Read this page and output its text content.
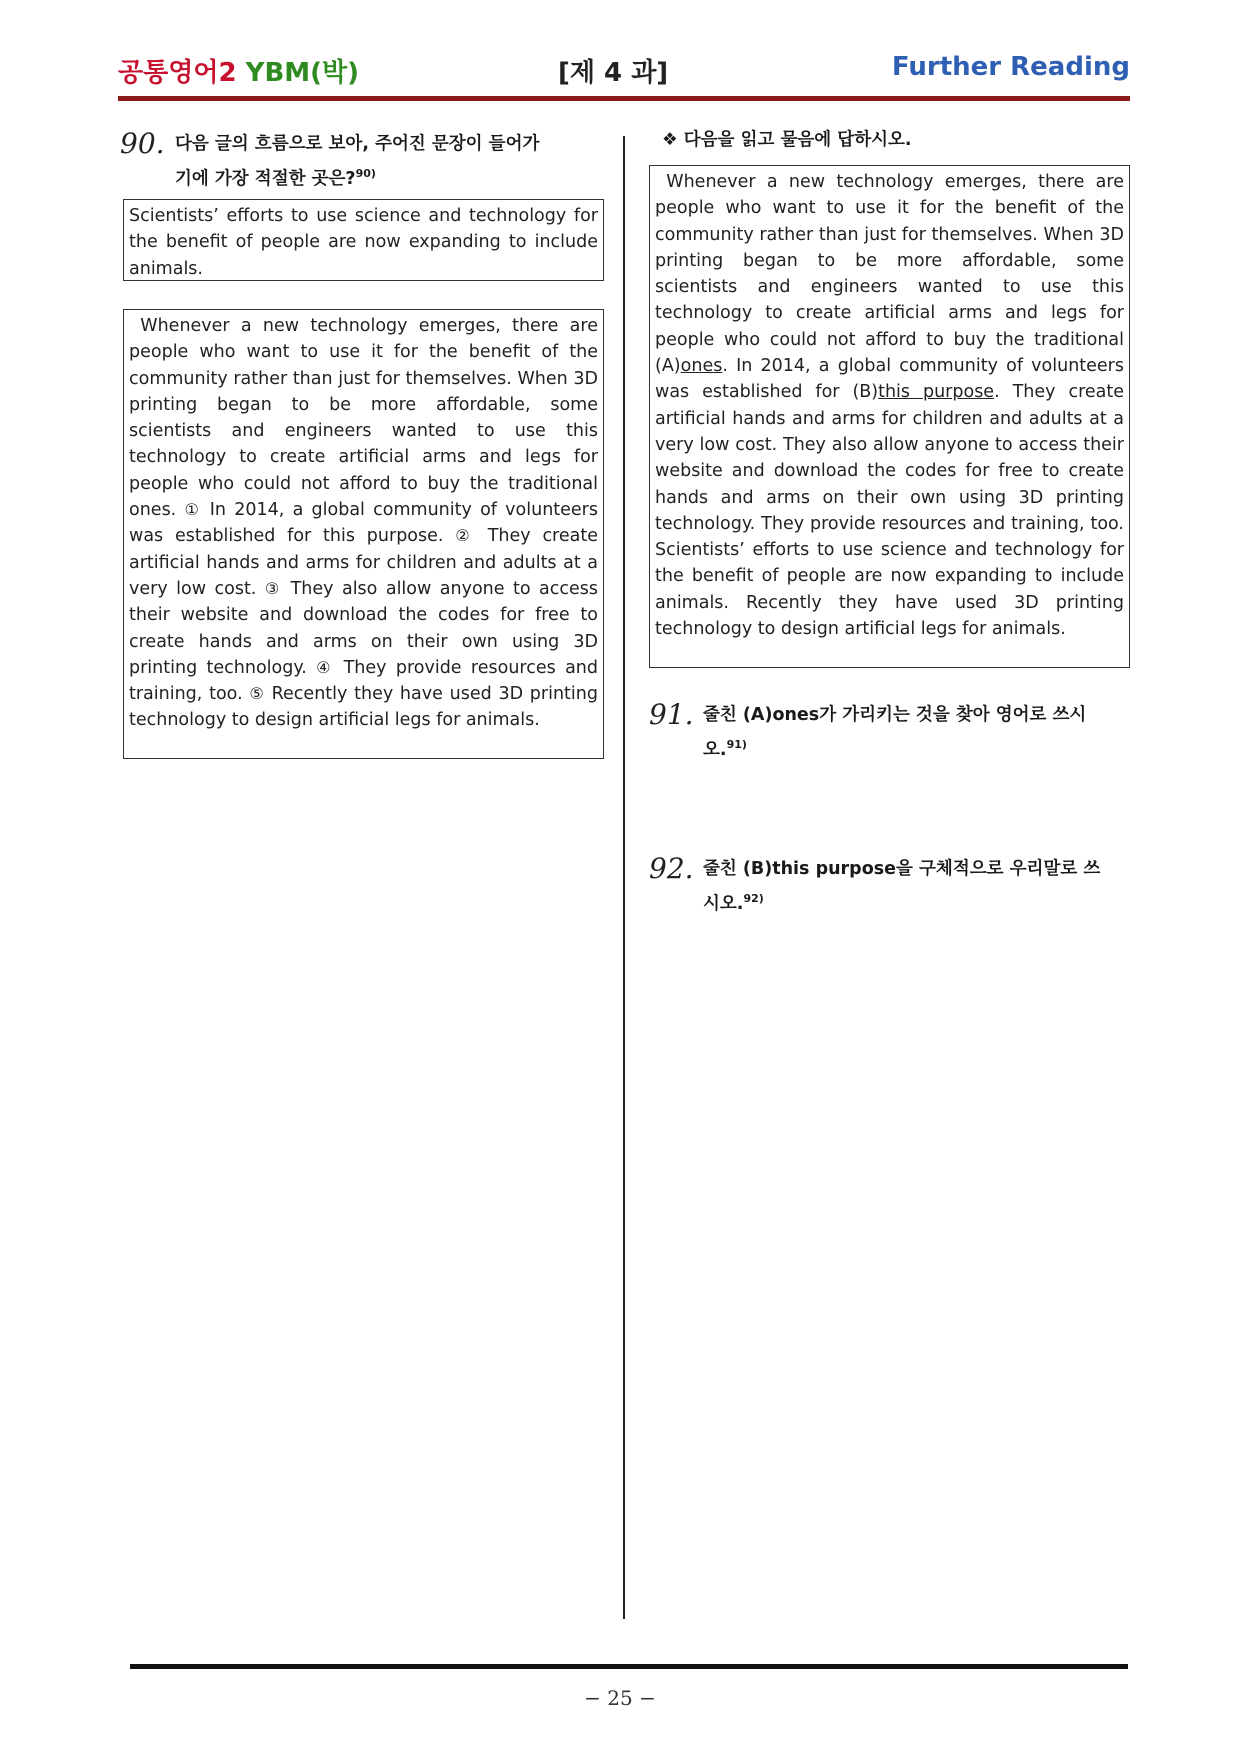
공통영어2 YBM(박)	[제 4 과]	Further Reading
90. 다음 글의 흐름으로 보아, 주어진 문장이 들어가
기에 가장 적절한 곳은?$^{90)}$

Scientists’ efforts to use science and technology for the benefit of people are now expanding to include animals.

Whenever a new technology emerges, there are people who want to use it for the benefit of the community rather than just for themselves. When 3D printing began to be more affordable, some scientists and engineers wanted to use this technology to create artificial arms and legs for people who could not afford to buy the traditional ones. ① In 2014, a global community of volunteers was established for this purpose. ② They create artificial hands and arms for children and adults at a very low cost. ③ They also allow anyone to access their website and download the codes for free to create hands and arms on their own using 3D printing technology. ④ They provide resources and training, too. ⑤ Recently they have used 3D printing technology to design artificial legs for animals.

❖ 다음을 읽고 물음에 답하시오.

Whenever a new technology emerges, there are people who want to use it for the benefit of the community rather than just for themselves. When 3D printing began to be more affordable, some scientists and engineers wanted to use this technology to create artificial arms and legs for people who could not afford to buy the traditional (A)ones. In 2014, a global community of volunteers was established for (B)this purpose. They create artificial hands and arms for children and adults at a very low cost. They also allow anyone to access their website and download the codes for free to create hands and arms on their own using 3D printing technology. They provide resources and training, too. Scientists’ efforts to use science and technology for the benefit of people are now expanding to include animals. Recently they have used 3D printing technology to design artificial legs for animals.

91. 줄친 (A)ones가 가리키는 것을 찾아 영어로 쓰시
오.$^{91)}$
92. 줄친 (B)this purpose을 구체적으로 우리말로 쓰
시오.$^{92)}$
− 25 −
